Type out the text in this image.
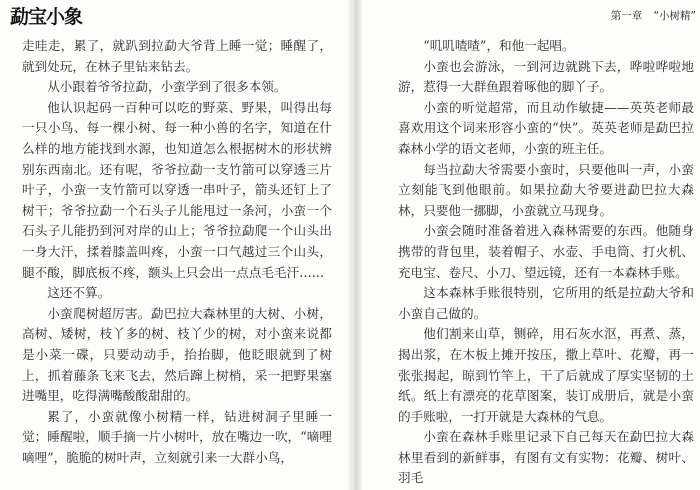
勐宝小象

走哇走，累了，就趴到拉勐大爷背上睡一觉；睡醒了，就到处玩，在林子里钻来钻去。

从小跟着爷爷拉勐，小蛮学到了很多本领。

他认识起码一百种可以吃的野菜、野果，叫得出每一只小鸟、每一棵小树、每一种小兽的名字，知道在什么样的地方能找到水源，也知道怎么根据树木的形状辨别东西南北。还有呢，爷爷拉勐一支竹箭可以穿透三片叶子，小蛮一支竹箭可以穿透一串叶子，箭头还钉上了树干；爷爷拉勐一个石头子儿能甩过一条河，小蛮一个石头子儿能扔到河对岸的山上；爷爷拉勐爬一个山头出一身大汗，揉着膝盖叫疼，小蛮一口气越过三个山头，腿不酸，脚底板不疼，额头上只会出一点点毛毛汗……

这还不算。

小蛮爬树超厉害。勐巴拉大森林里的大树、小树，高树、矮树，枝丫多的树、枝丫少的树，对小蛮来说都是小菜一碟，只要动动手，抬抬脚，他眨眼就到了树上，抓着藤条飞来飞去，然后蹿上树梢，采一把野果塞进嘴里，吃得满嘴酸酸甜甜的。

累了，小蛮就像小树精一样，钻进树洞子里睡一觉；睡醒啦，顺手摘一片小树叶，放在嘴边一吹，“嘀哩嘀哩”，脆脆的树叶声，立刻就引来一大群小鸟，

第一章 “小树精”

“叽叽喳喳”，和他一起唱。

小蛮也会游泳，一到河边就跳下去，哗啦哗啦地游，惹得一大群鱼跟着啄他的脚丫子。

小蛮的听觉超常，而且动作敏捷——英英老师最喜欢用这个词来形容小蛮的“快”。英英老师是勐巴拉森林小学的语文老师，小蛮的班主任。

每当拉勐大爷需要小蛮时，只要他叫一声，小蛮立刻能飞到他眼前。如果拉勐大爷要进勐巴拉大森林，只要他一挪脚，小蛮就立马现身。

小蛮会随时准备着进入森林需要的东西。他随身携带的背包里，装着帽子、水壶、手电筒、打火机、充电宝、卷尺、小刀、望远镜，还有一本森林手账。

这本森林手账很特别，它所用的纸是拉勐大爷和小蛮自己做的。

他们割来山草，铡碎，用石灰水沤，再煮、蒸，揭出浆，在木板上摊开按压，撒上草叶、花瓣，再一张张揭起，晾到竹竿上，干了后就成了厚实坚韧的土纸。纸上有漂亮的花草图案，装订成册后，就是小蛮的手账啦，一打开就是大森林的气息。

小蛮在森林手账里记录下自己每天在勐巴拉大森林里看到的新鲜事，有图有文有实物：花瓣、树叶、羽毛
